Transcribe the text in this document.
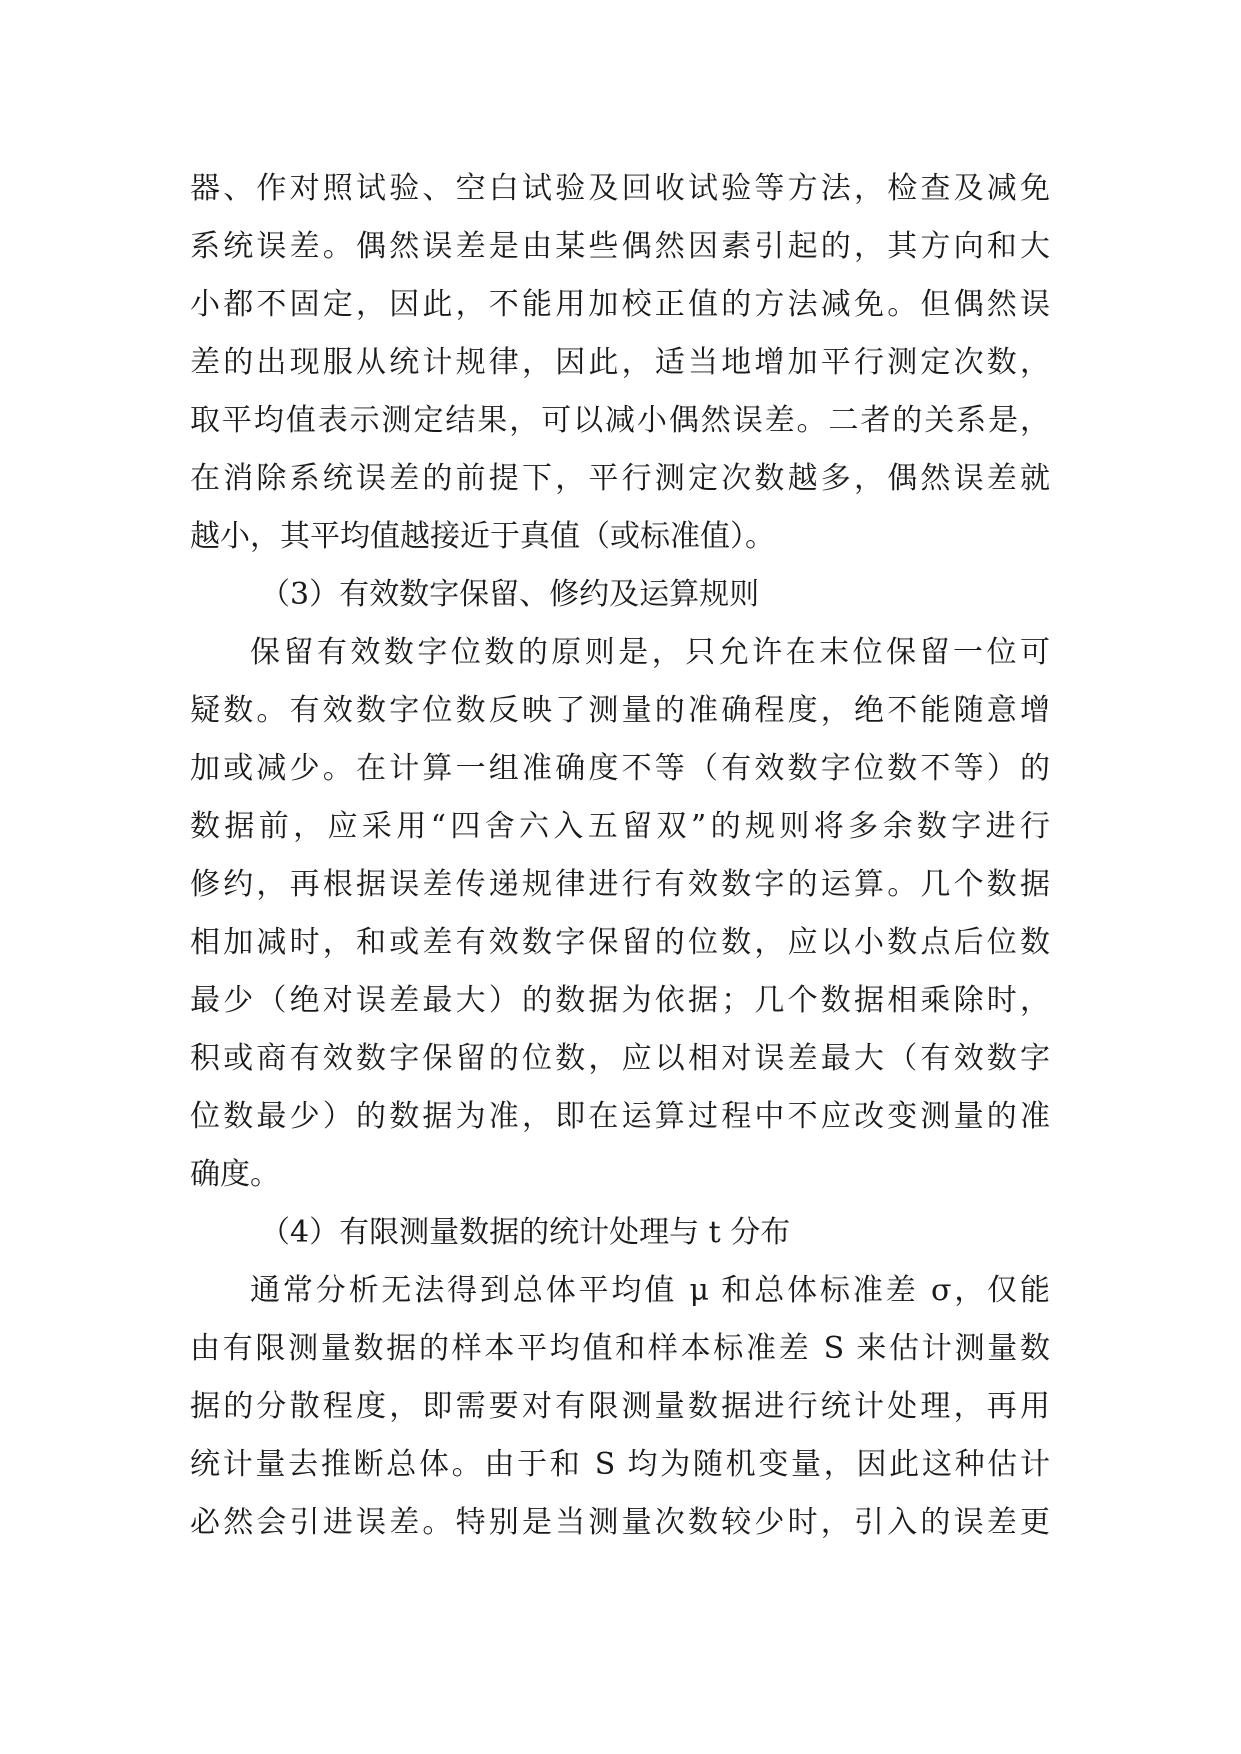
器、作对照试验、空白试验及回收试验等方法，检查及减免
系统误差。偶然误差是由某些偶然因素引起的，其方向和大
小都不固定，因此，不能用加校正值的方法减免。但偶然误
差的出现服从统计规律，因此，适当地增加平行测定次数，
取平均值表示测定结果，可以减小偶然误差。二者的关系是，
在消除系统误差的前提下，平行测定次数越多，偶然误差就
越小，其平均值越接近于真值（或标准值）。
（3）有效数字保留、修约及运算规则
保留有效数字位数的原则是，只允许在末位保留一位可
疑数。有效数字位数反映了测量的准确程度，绝不能随意增
加或减少。在计算一组准确度不等（有效数字位数不等）的
数据前，应采用“四舍六入五留双”的规则将多余数字进行
修约，再根据误差传递规律进行有效数字的运算。几个数据
相加减时，和或差有效数字保留的位数，应以小数点后位数
最少（绝对误差最大）的数据为依据；几个数据相乘除时，
积或商有效数字保留的位数，应以相对误差最大（有效数字
位数最少）的数据为准，即在运算过程中不应改变测量的准
确度。
（4）有限测量数据的统计处理与 t 分布
通常分析无法得到总体平均值 μ 和总体标准差 σ，仅能
由有限测量数据的样本平均值和样本标准差 S 来估计测量数
据的分散程度，即需要对有限测量数据进行统计处理，再用
统计量去推断总体。由于和 S 均为随机变量，因此这种估计
必然会引进误差。特别是当测量次数较少时，引入的误差更
